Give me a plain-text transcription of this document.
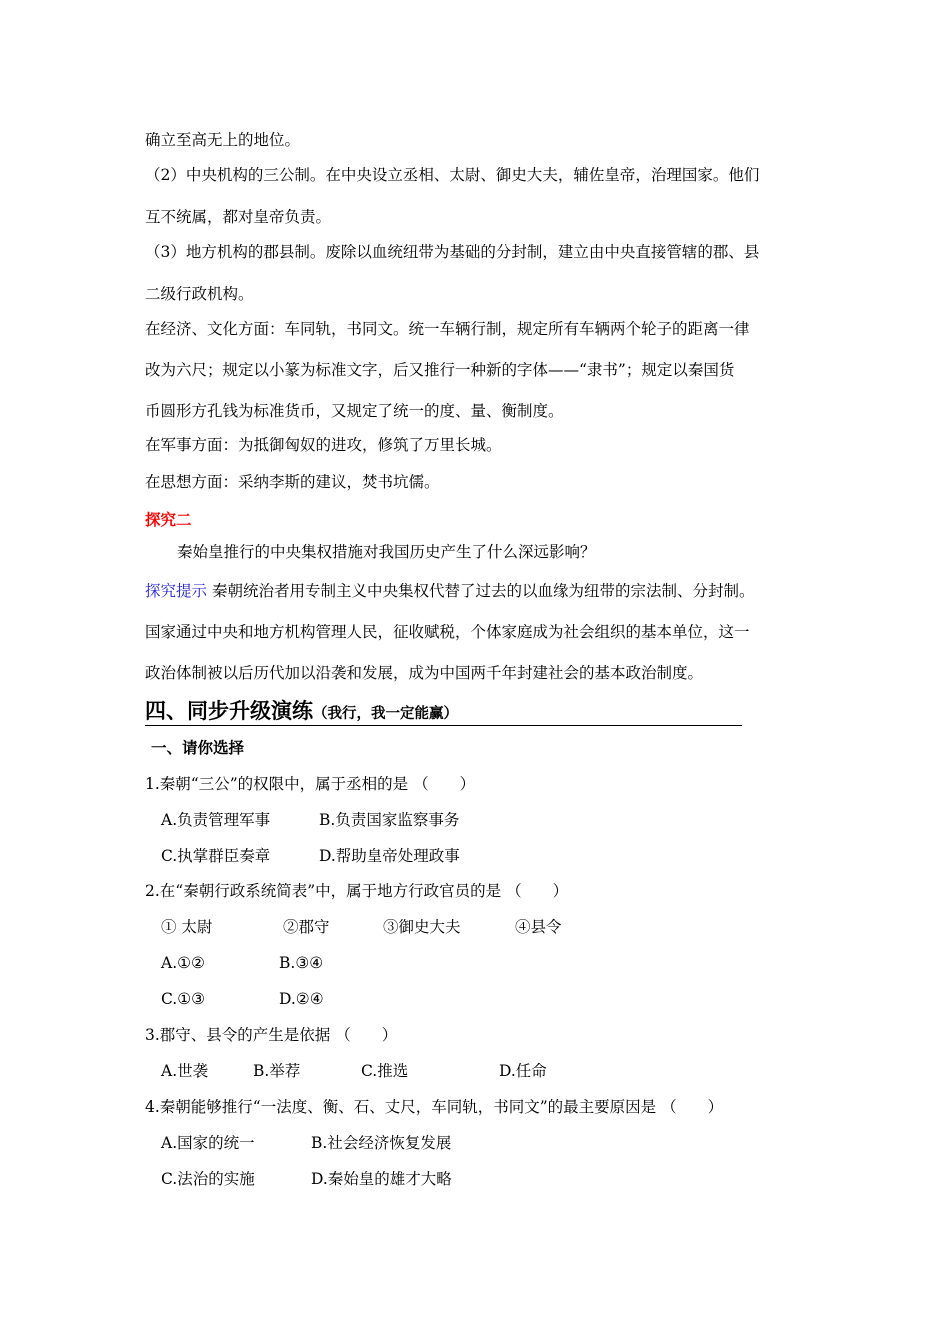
确立至高无上的地位。
（2）中央机构的三公制。在中央设立丞相、太尉、御史大夫，辅佐皇帝，治理国家。他们
互不统属，都对皇帝负责。
（3）地方机构的郡县制。废除以血统纽带为基础的分封制，建立由中央直接管辖的郡、县
二级行政机构。
在经济、文化方面：车同轨，书同文。统一车辆行制，规定所有车辆两个轮子的距离一律
改为六尺；规定以小篆为标准文字，后又推行一种新的字体——“隶书”；规定以秦国货
币圆形方孔钱为标准货币，又规定了统一的度、量、衡制度。
在军事方面：为抵御匈奴的进攻，修筑了万里长城。
在思想方面：采纳李斯的建议，焚书坑儒。
探究二
秦始皇推行的中央集权措施对我国历史产生了什么深远影响？
探究提示 秦朝统治者用专制主义中央集权代替了过去的以血缘为纽带的宗法制、分封制。
国家通过中央和地方机构管理人民，征收赋税，个体家庭成为社会组织的基本单位，这一
政治体制被以后历代加以沿袭和发展，成为中国两千年封建社会的基本政治制度。
四、同步升级演练（我行，我一定能赢）
一、请你选择
1.秦朝“三公”的权限中，属于丞相的是 （　　）
A.负责管理军事	B.负责国家监察事务
C.执掌群臣奏章	D.帮助皇帝处理政事
2.在“秦朝行政系统简表”中，属于地方行政官员的是 （　　）
① 太尉	②郡守	③御史大夫	④县令
A.①②	B.③④
C.①③	D.②④
3.郡守、县令的产生是依据 （　　）
A.世袭	B.举荐	C.推选	D.任命
4.秦朝能够推行“一法度、衡、石、丈尺，车同轨，书同文”的最主要原因是 （　　）
A.国家的统一	B.社会经济恢复发展
C.法治的实施	D.秦始皇的雄才大略
